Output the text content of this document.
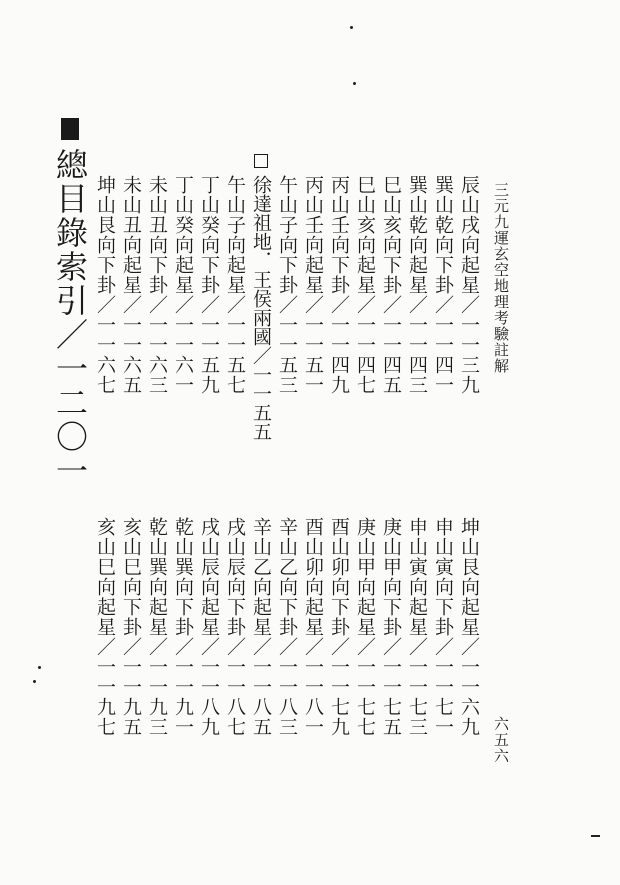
三元九運玄空地理考驗註解
六五六
辰山戌向起星／一一三九
巽山乾向下卦／一一四一
巽山乾向起星／一一四三
巳山亥向下卦／一一四五
巳山亥向起星／一一四七
丙山壬向下卦／一一四九
丙山壬向起星／一一五一
午山子向下卦／一一五三
徐達祖地．王侯兩國／一一五五
午山子向起星／一一五七
丁山癸向下卦／一一五九
丁山癸向起星／一一六一
未山丑向下卦／一一六三
未山丑向起星／一一六五
坤山艮向下卦／一一六七
總目錄索引／一二〇一
坤山艮向起星／一一六九
申山寅向下卦／一一七一
申山寅向起星／一一七三
庚山甲向下卦／一一七五
庚山甲向起星／一一七七
酉山卯向下卦／一一七九
酉山卯向起星／一一八一
辛山乙向下卦／一一八三
辛山乙向起星／一一八五
戌山辰向下卦／一一八七
戌山辰向起星／一一八九
乾山巽向下卦／一一九一
乾山巽向起星／一一九三
亥山巳向下卦／一一九五
亥山巳向起星／一一九七
